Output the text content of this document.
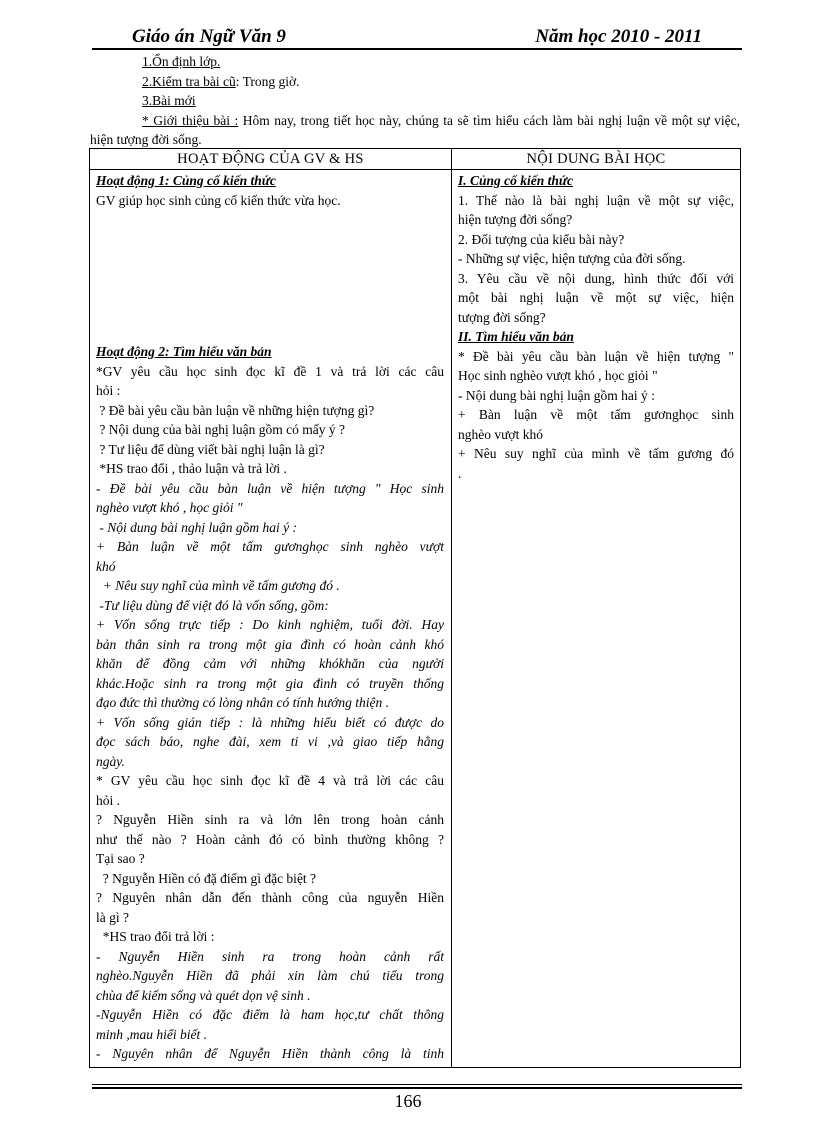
Giáo án Ngữ Văn 9	Năm học 2010 - 2011
1.Ổn định lớp.
2.Kiểm tra bài cũ: Trong giờ.
3.Bài mới
* Giới thiệu bài : Hôm nay, trong tiết học này, chúng ta sẽ tìm hiểu cách làm bài nghị luận về một sự việc, hiện tượng đời sống.
HOẠT ĐỘNG CỦA GV & HS	NỘI DUNG BÀI HỌC

Hoạt động 1: Củng cố kiến thức

GV giúp học sinh củng cố kiến thức vừa học.

Hoạt động 2: Tìm hiểu văn bản

*GV yêu cầu học sinh đọc kĩ đề 1 và trả lời các câu
hỏi :
? Đề bài yêu cầu bàn luận về những hiện tượng gì?
? Nội dung của bài nghị luận gồm có mấy ý ?
? Tư liệu để dùng viết bài nghị luận là gì?
*HS trao đổi , thảo luận và trả lời .
- Đề bài yêu cầu bàn luận về hiện tượng " Học sinh
nghèo vượt khó , học giỏi "
- Nội dung bài nghị luận gồm hai ý :
+ Bàn luận về một tấm gươnghọc sinh nghèo vượt
khó
+ Nêu suy nghĩ của mình về tấm gương đó .
-Tư liệu dùng để việt đó là vốn sống, gồm:
+ Vốn sống trực tiếp : Do kinh nghiệm, tuổi đời. Hay
bản thân sinh ra trong một gia đình có hoàn cảnh khó
khăn để đồng cảm với những khókhăn của người
khác.Hoặc sinh ra trong một gia đình có truyền thống
đạo đức thì thường có lòng nhân có tính hướng thiện .
+ Vốn sống gián tiếp : là những hiểu biết có được do
đọc sách báo, nghe đài, xem ti vi ,và giao tiếp hằng
ngày.
* GV yêu cầu học sinh đọc kĩ đề 4 và trả lời các câu
hỏi .
? Nguyễn Hiền sinh ra và lớn lên trong hoàn cảnh
như thế nào ? Hoàn cảnh đó có bình thường không ?
Tại sao ?
? Nguyễn Hiền có đặ điểm gì đặc biệt ?
? Nguyên nhân dẫn đến thành công của nguyễn Hiền
là gì ?
*HS trao đổi trả lời :
- Nguyễn Hiền sinh ra trong hoàn cảnh rất
nghèo.Nguyễn Hiền đã phải xin làm chú tiểu trong
chùa để kiếm sống và quét dọn vệ sinh .
-Nguyễn Hiền có đặc điểm là ham học,tư chất thông
minh ,mau hiểi biết .
- Nguyên nhân để Nguyễn Hiền thành công là tinh

I. Củng cố kiến thức

1. Thế nào là bài nghị luận về một sự việc,
hiện tượng đời sống?
2. Đối tượng của kiểu bài này?
- Những sự việc, hiện tượng của đời sống.
3. Yêu cầu về nội dung, hình thức đối với
một bài nghị luận về một sự việc, hiện
tượng đời sống?

II. Tìm hiểu văn bản

* Đề bài yêu cầu bàn luận về hiện tượng "
Học sinh nghèo vượt khó , học giỏi "
- Nội dung bài nghị luận gồm hai ý :
+ Bàn luận về một tấm gươnghọc sinh
nghèo vượt khó
+ Nêu suy nghĩ của mình về tấm gương đó
.
166
